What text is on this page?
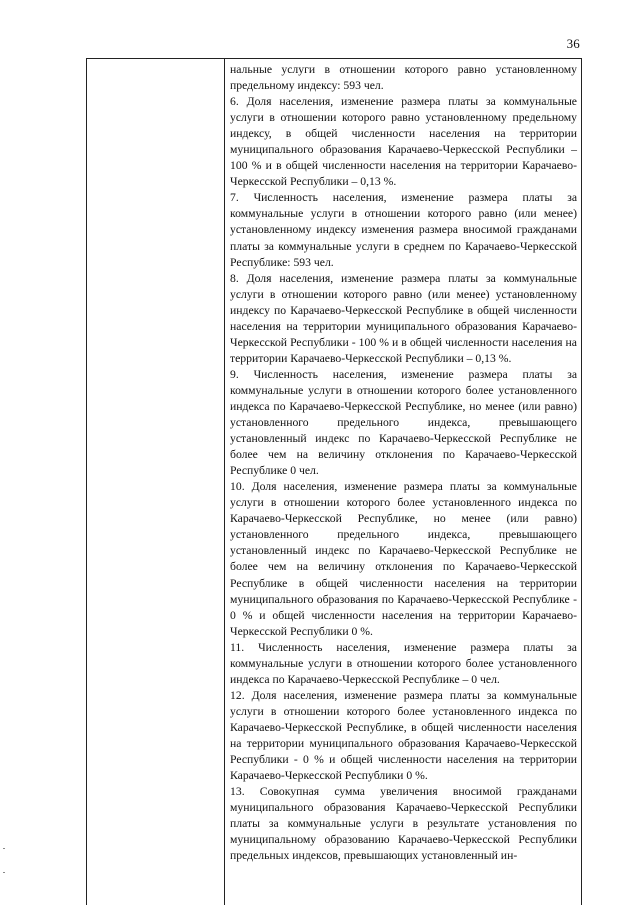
36

нальные услуги в отношении которого равно установленному предельному индексу: 593 чел.

6. Доля населения, изменение размера платы за коммунальные услуги в отношении которого равно установленному предельному индексу, в общей численности населения на территории муниципального образования Карачаево-Черкесской Республики – 100 % и в общей численности населения на территории Карачаево-Черкесской Республики – 0,13 %.

7. Численность населения, изменение размера платы за коммунальные услуги в отношении которого равно (или менее) установленному индексу изменения размера вносимой гражданами платы за коммунальные услуги в среднем по Карачаево-Черкесской Республике: 593 чел.

8. Доля населения, изменение размера платы за коммунальные услуги в отношении которого равно (или менее) установленному индексу по Карачаево-Черкесской Республике в общей численности населения на территории муниципального образования Карачаево-Черкесской Республики - 100 % и в общей численности населения на территории Карачаево-Черкесской Республики – 0,13 %.

9. Численность населения, изменение размера платы за коммунальные услуги в отношении которого более установленного индекса по Карачаево-Черкесской Республике, но менее (или равно) установленного предельного индекса, превышающего установленный индекс по Карачаево-Черкесской Республике не более чем на величину отклонения по Карачаево-Черкесской Республике 0 чел.

10. Доля населения, изменение размера платы за коммунальные услуги в отношении которого более установленного индекса по Карачаево-Черкесской Республике, но менее (или равно) установленного предельного индекса, превышающего установленный индекс по Карачаево-Черкесской Республике не более чем на величину отклонения по Карачаево-Черкесской Республике в общей численности населения на территории муниципального образования по Карачаево-Черкесской Республике - 0 % и общей численности населения на территории Карачаево-Черкесской Республики 0 %.

11. Численность населения, изменение размера платы за коммунальные услуги в отношении которого более установленного индекса по Карачаево-Черкесской Республике – 0 чел.

12. Доля населения, изменение размера платы за коммунальные услуги в отношении которого более установленного индекса по Карачаево-Черкесской Республике, в общей численности населения на территории муниципального образования Карачаево-Черкесской Республики - 0 % и общей численности населения на территории Карачаево-Черкесской Республики 0 %.

13. Совокупная сумма увеличения вносимой гражданами муниципального образования Карачаево-Черкесской Республики платы за коммунальные услуги в результате установления по муниципальному образованию Карачаево-Черкесской Республики предельных индексов, превышающих установленный ин-
